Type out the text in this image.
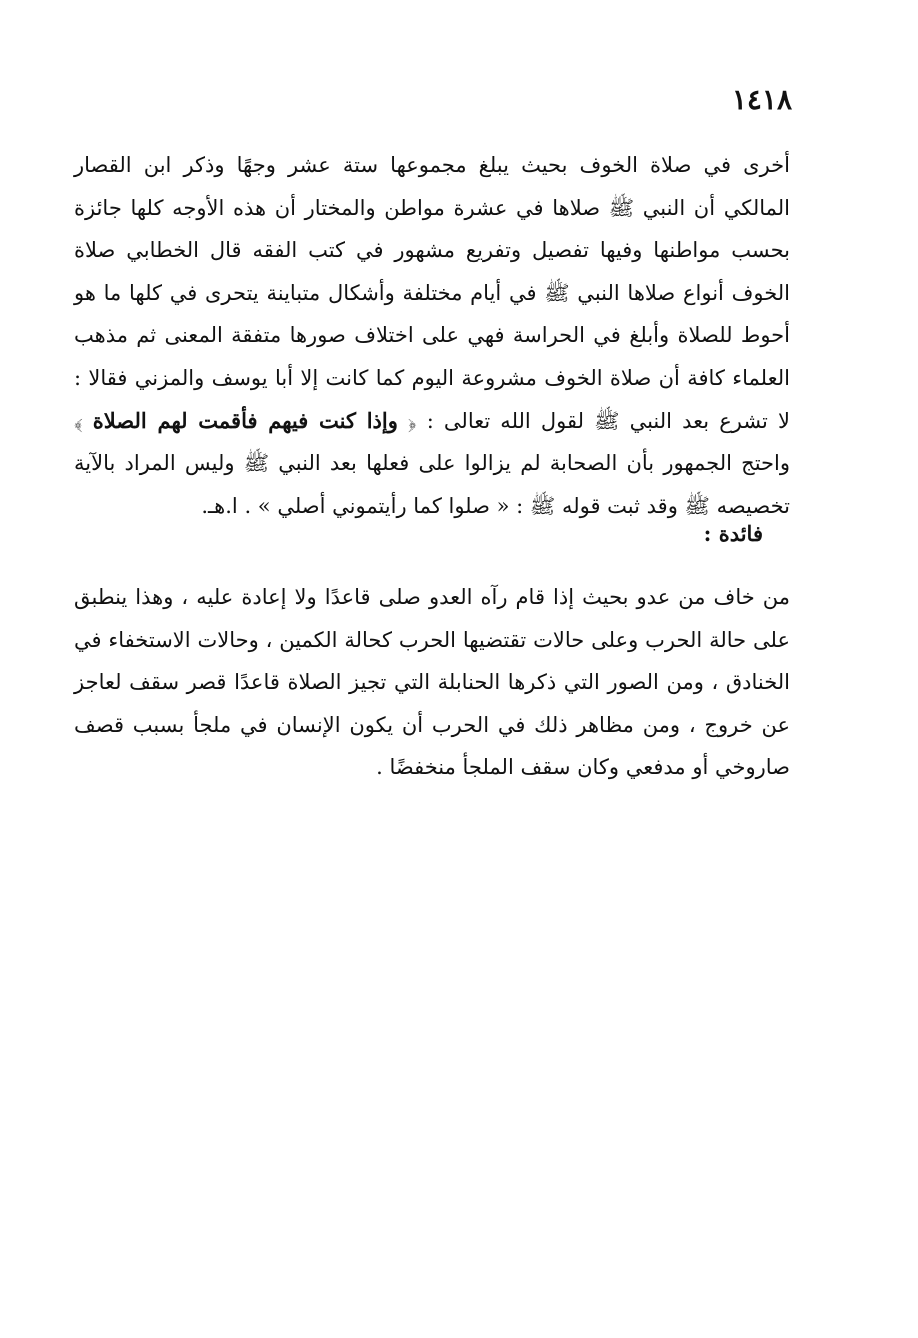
١٤١٨

أخرى في صلاة الخوف بحيث يبلغ مجموعها ستة عشر وجهًا وذكر ابن القصار المالكي أن النبي ﷺ صلاها في عشرة مواطن والمختار أن هذه الأوجه كلها جائزة بحسب مواطنها وفيها تفصيل وتفريع مشهور في كتب الفقه قال الخطابي صلاة الخوف أنواع صلاها النبي ﷺ في أيام مختلفة وأشكال متباينة يتحرى في كلها ما هو أحوط للصلاة وأبلغ في الحراسة فهي على اختلاف صورها متفقة المعنى ثم مذهب العلماء كافة أن صلاة الخوف مشروعة اليوم كما كانت إلا أبا يوسف والمزني فقالا : لا تشرع بعد النبي ﷺ لقول الله تعالى : ﴿ وإذا كنت فيهم فأقمت لهم الصلاة ﴾ واحتج الجمهور بأن الصحابة لم يزالوا على فعلها بعد النبي ﷺ وليس المراد بالآية تخصيصه ﷺ وقد ثبت قوله ﷺ : « صلوا كما رأيتموني أصلي » . ا.هـ.

فائدة :

من خاف من عدو بحيث إذا قام رآه العدو صلى قاعدًا ولا إعادة عليه ، وهذا ينطبق على حالة الحرب وعلى حالات تقتضيها الحرب كحالة الكمين ، وحالات الاستخفاء في الخنادق ، ومن الصور التي ذكرها الحنابلة التي تجيز الصلاة قاعدًا قصر سقف لعاجز عن خروج ، ومن مظاهر ذلك في الحرب أن يكون الإنسان في ملجأ بسبب قصف صاروخي أو مدفعي وكان سقف الملجأ منخفضًا .
